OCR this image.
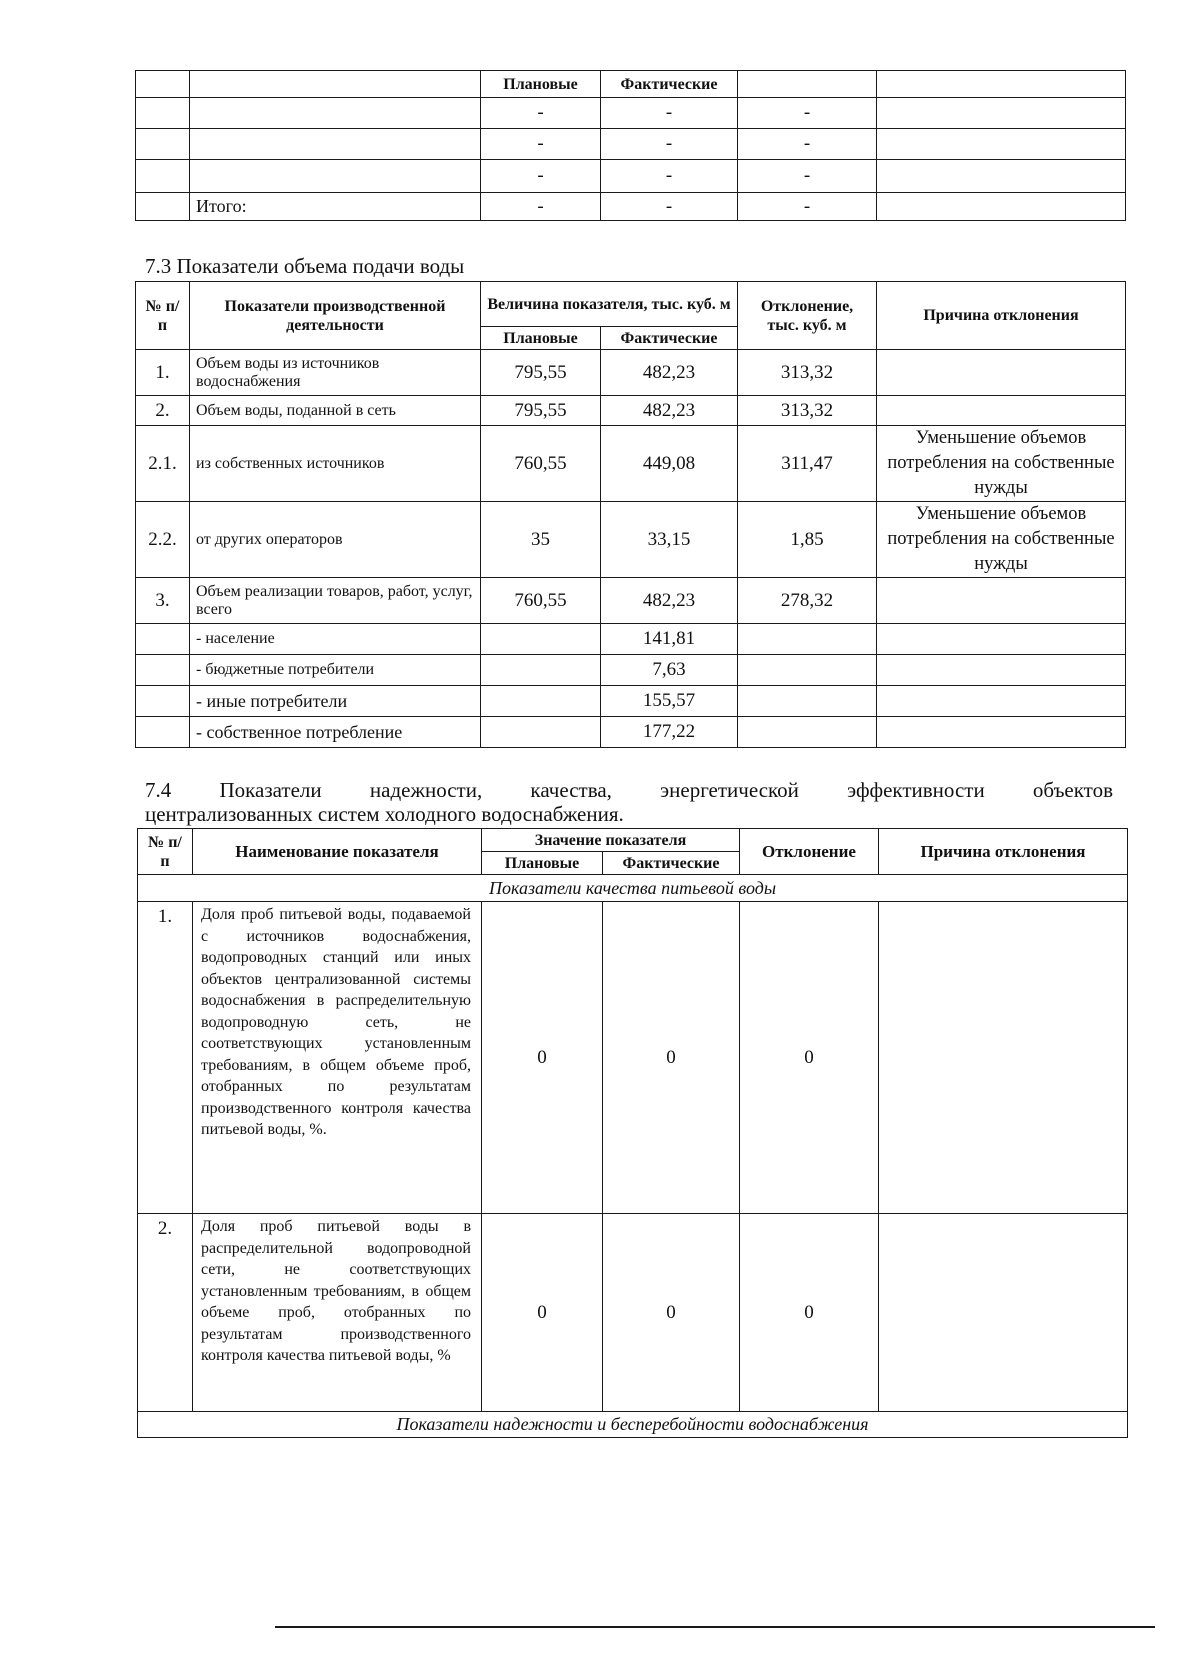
		Плановые	Фактические		
		-	-	-	
		-	-	-	
		-	-	-	
	Итого:	-	-	-	
7.3 Показатели объема подачи воды
№ п/п	Показатели производственной деятельности	Величина показателя, тыс. куб. м		Отклонение, тыс. куб. м	Причина отклонения
		Плановые	Фактические		
1.	Объем воды из источников водоснабжения	795,55	482,23	313,32	
2.	Объем воды, поданной в сеть	795,55	482,23	313,32	
2.1.	из собственных источников	760,55	449,08	311,47	Уменьшение объемов потребления на собственные нужды
2.2.	от других операторов	35	33,15	1,85	Уменьшение объемов потребления на собственные нужды
3.	Объем реализации товаров, работ, услуг, всего	760,55	482,23	278,32	
	- население		141,81		
	- бюджетные потребители		7,63		
	- иные потребители		155,57		
	- собственное потребление		177,22		
7.4 Показатели надежности, качества, энергетической эффективности объектов
централизованных систем холодного водоснабжения.
№ п/п	Наименование показателя	Значение показателя		Отклонение	Причина отклонения
		Плановые	Фактические		
Показатели качества питьевой воды					
1.	Доля проб питьевой воды, подаваемой с источников водоснабжения, водопроводных станций или иных объектов централизованной системы водоснабжения в распределительную водопроводную сеть, не соответствующих установленным требованиям, в общем объеме проб, отобранных по результатам производственного контроля качества питьевой воды, %.	0	0	0	
2.	Доля проб питьевой воды в распределительной водопроводной сети, не соответствующих установленным требованиям, в общем объеме проб, отобранных по результатам производственного контроля качества питьевой воды, %	0	0	0	
Показатели надежности и бесперебойности водоснабжения					
